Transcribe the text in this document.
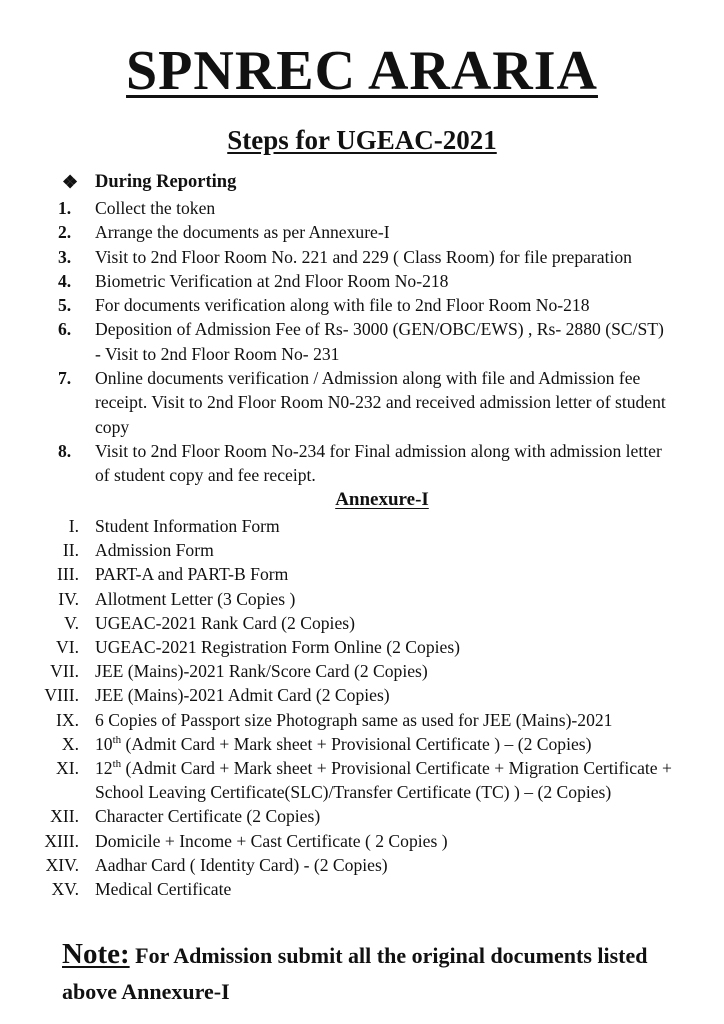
SPNREC ARARIA
Steps for UGEAC-2021
❖ During Reporting
1.	Collect the token
2.	Arrange the documents as per Annexure-I
3.	Visit to 2nd Floor Room No. 221 and 229 ( Class Room) for file preparation
4.	Biometric Verification at 2nd Floor Room No-218
5.	For documents verification along with file to 2nd Floor Room No-218
6.	Deposition of Admission Fee of Rs- 3000 (GEN/OBC/EWS) , Rs- 2880 (SC/ST) - Visit to 2nd Floor Room No- 231
7.	Online documents verification / Admission along with file and Admission fee receipt. Visit to 2nd Floor Room N0-232 and received admission letter of student copy
8.	Visit to 2nd Floor Room No-234 for Final admission along with admission letter of student copy and fee receipt.
Annexure-I
I. Student Information Form
II. Admission Form
III. PART-A and PART-B Form
IV. Allotment Letter (3 Copies )
V. UGEAC-2021 Rank Card (2 Copies)
VI. UGEAC-2021 Registration Form Online (2 Copies)
VII. JEE (Mains)-2021 Rank/Score Card (2 Copies)
VIII. JEE (Mains)-2021 Admit Card (2 Copies)
IX. 6 Copies of Passport size Photograph same as used for JEE (Mains)-2021
X. 10th (Admit Card + Mark sheet + Provisional Certificate ) – (2 Copies)
XI. 12th (Admit Card + Mark sheet + Provisional Certificate + Migration Certificate + School Leaving Certificate(SLC)/Transfer Certificate (TC) ) – (2 Copies)
XII. Character Certificate (2 Copies)
XIII. Domicile + Income + Cast Certificate ( 2 Copies )
XIV. Aadhar Card ( Identity Card) - (2 Copies)
XV. Medical Certificate

Note: For Admission submit all the original documents listed above Annexure-I
